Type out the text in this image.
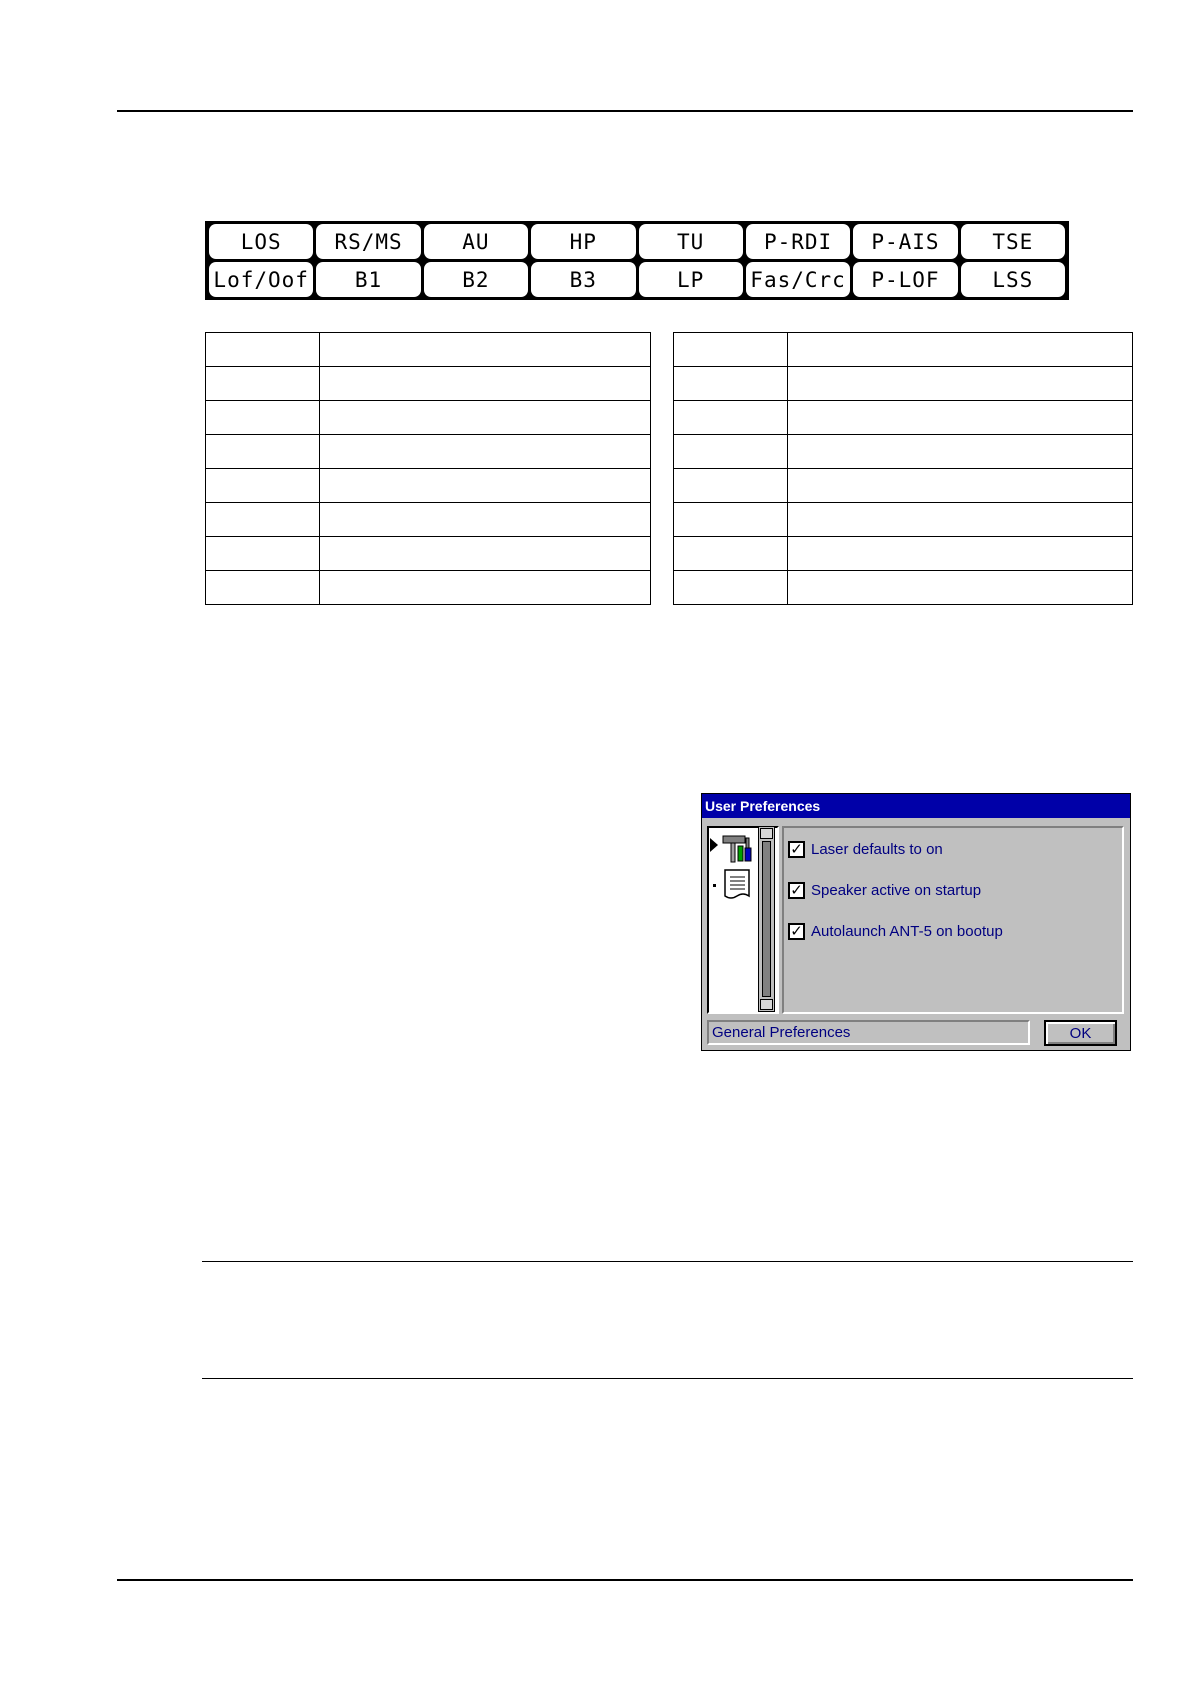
LOS	RS/MS	AU	HP	TU	P-RDI	P-AIS	TSE
Lof/Oof	B1	B2	B3	LP	Fas/Crc	P-LOF	LSS

User Preferences
✓ Laser defaults to on
✓ Speaker active on startup
✓ Autolaunch ANT-5 on bootup
General Preferences	OK
